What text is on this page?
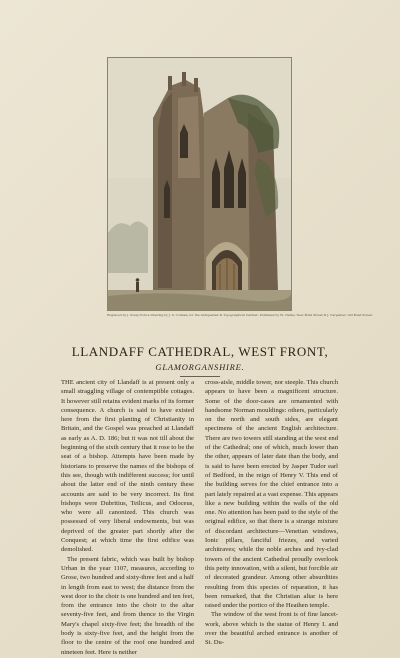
Engraved by J. Greig from a Drawing by J. S. Cotman, for the Antiquarian & Topographical Cabinet. Published by W. Clarke, New Bond Street & J. Carpenter, Old Bond Street.
LLANDAFF CATHEDRAL, WEST FRONT,
GLAMORGANSHIRE.

THE ancient city of Llandaff is at present only a small straggling village of contemptible cottages. It however still retains evident marks of its former consequence. A church is said to have existed here from the first planting of Christianity in Britain, and the Gospel was preached at Llandaff as early as A. D. 186; but it was not till about the beginning of the sixth century that it rose to be the seat of a bishop. Attempts have been made by historians to preserve the names of the bishops of this see, though with indifferent success; for until about the latter end of the ninth century these accounts are said to be very incorrect. Its first bishops were Dubritius, Teilicus, and Odoceus, who were all canonized. This church was possessed of very liberal endowments, but was deprived of the greater part shortly after the Conquest; at which time the first edifice was demolished.

The present fabric, which was built by bishop Urban in the year 1107, measures, according to Grose, two hundred and sixty-three feet and a half in length from east to west; the distance from the west door to the choir is one hundred and ten feet, from the entrance into the choir to the altar seventy-five feet, and from thence to the Virgin Mary's chapel sixty-five feet; the breadth of the body is sixty-five feet, and the height from the floor to the centre of the roof one hundred and nineteen feet. Here is neither

cross-aisle, middle tower, nor steeple. This church appears to have been a magnificent structure. Some of the door-cases are ornamented with handsome Norman mouldings: others, particularly on the north and south sides, are elegant specimens of the ancient English architecture. There are two towers still standing at the west end of the Cathedral; one of which, much lower than the other, appears of later date than the body, and is said to have been erected by Jasper Tudor earl of Bedford, in the reign of Henry V. This end of the building serves for the chief entrance into a part lately repaired at a vast expense. This appears like a new building within the walls of the old one. No attention has been paid to the style of the original edifice, so that there is a strange mixture of discordant architecture—Venetian windows, Ionic pillars, fanciful friezes, and varied architraves; while the noble arches and ivy-clad towers of the ancient Cathedral proudly overlook this petty innovation, with a silent, but forcible air of decorated grandeur. Among other absurdities resulting from this species of reparation, it has been remarked, that the Christian altar is here raised under the portico of the Heathen temple.

The window of the west front is of fine lancet-work, above which is the statue of Henry I. and over the beautiful arched entrance is another of St. Du-
